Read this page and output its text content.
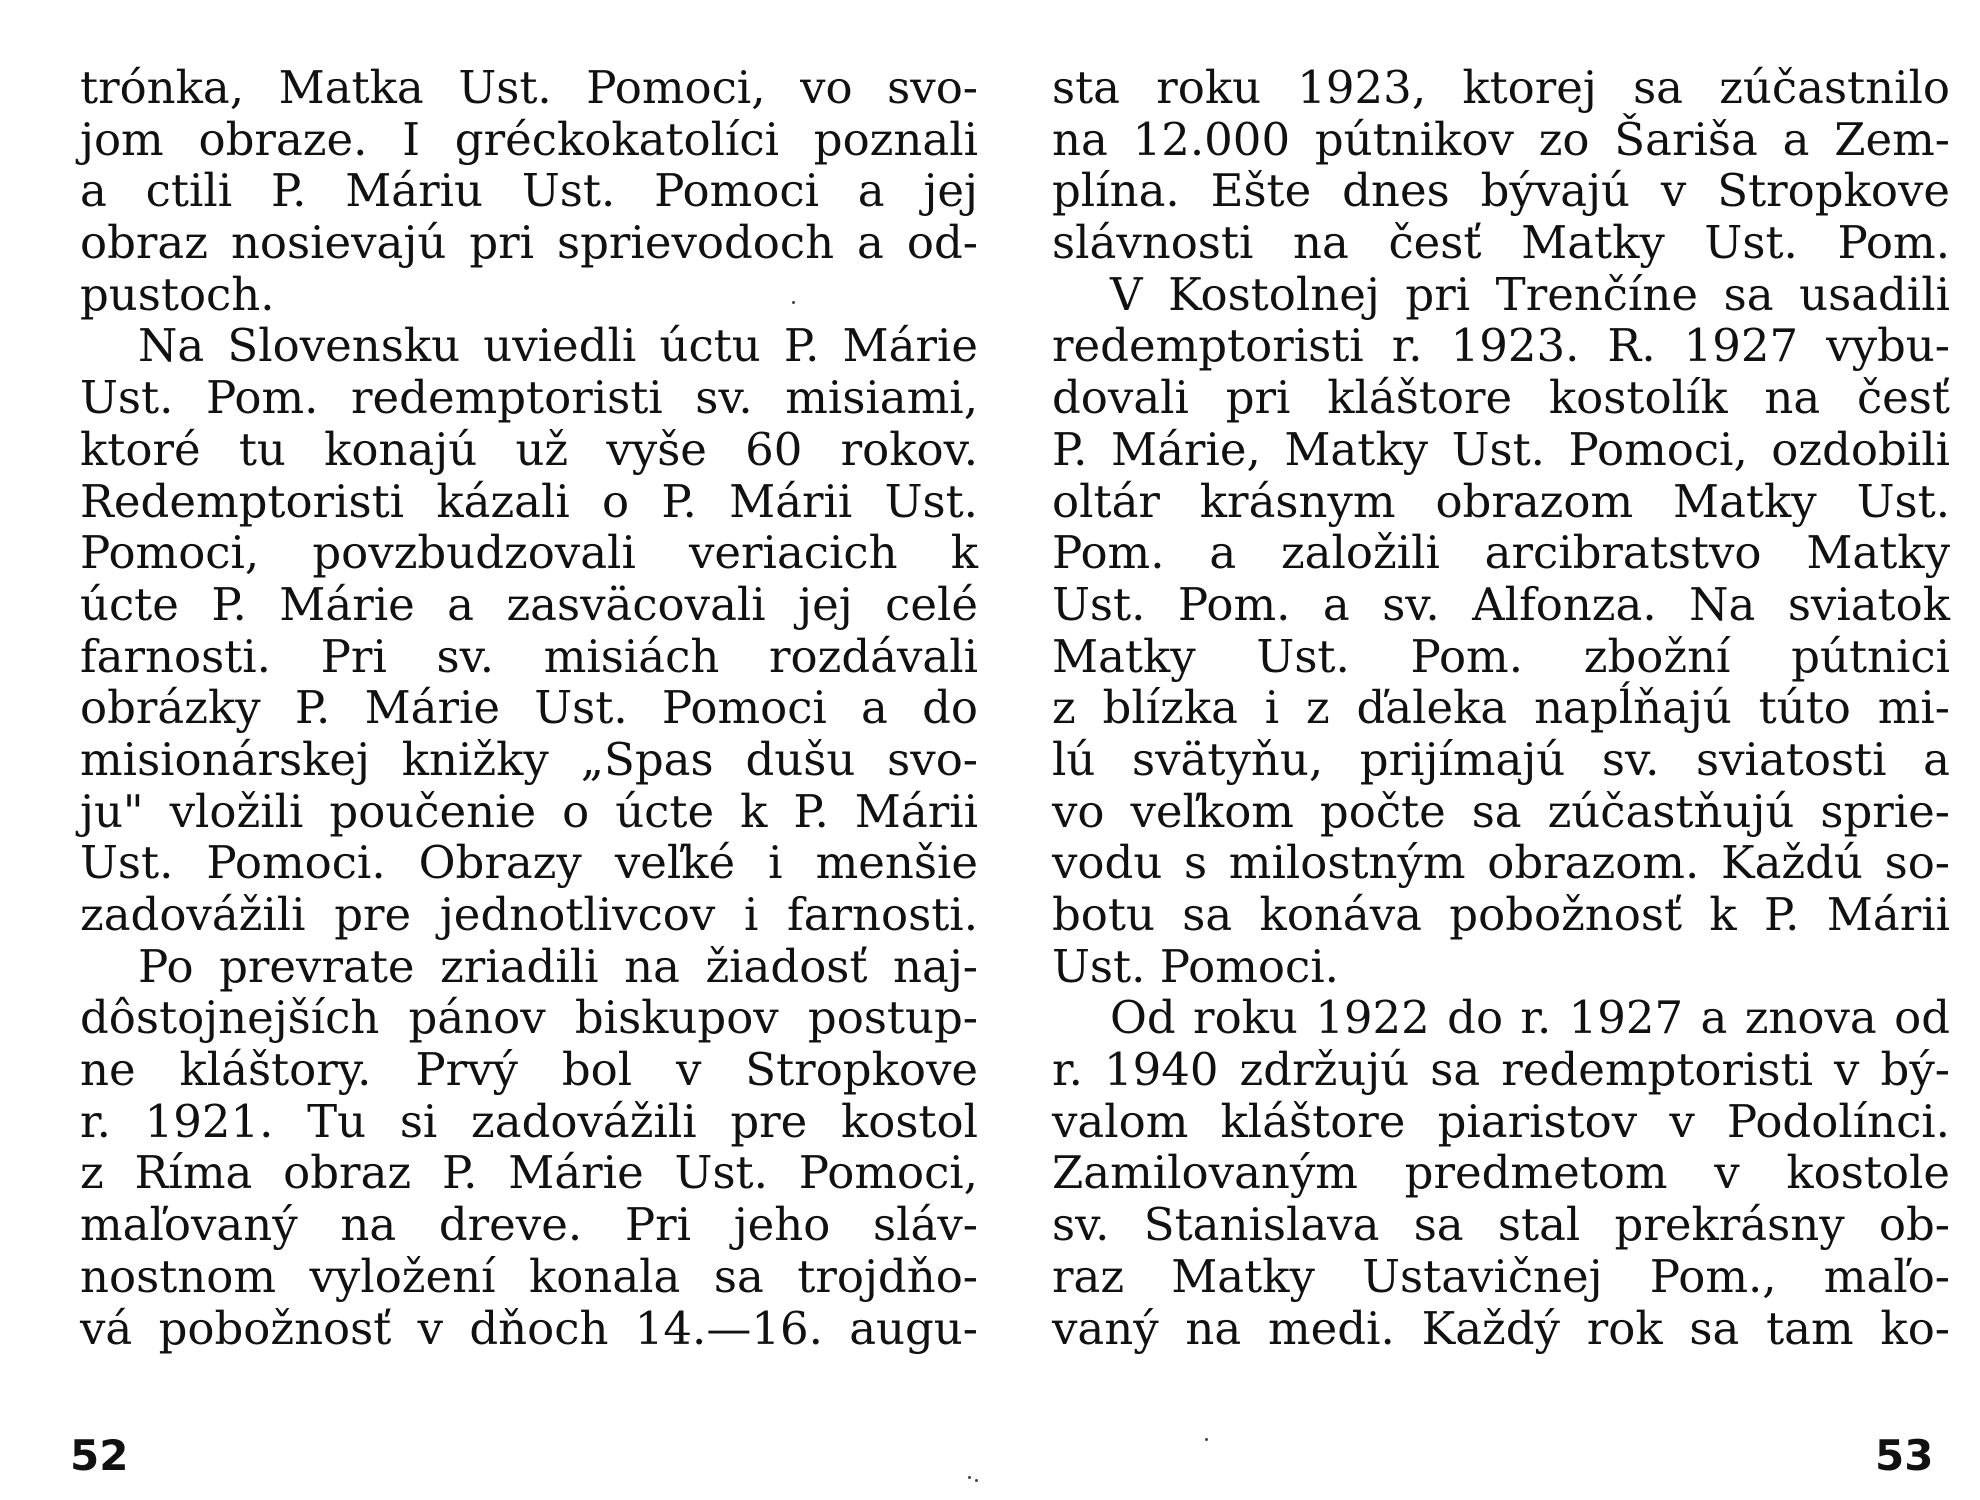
trónka, Matka Ust. Pomoci, vo svo-
jom obraze. I gréckokatolíci poznali
a ctili P. Máriu Ust. Pomoci a jej
obraz nosievajú pri sprievodoch a od-
pustoch.
Na Slovensku uviedli úctu P. Márie
Ust. Pom. redemptoristi sv. misiami,
ktoré tu konajú už vyše 60 rokov.
Redemptoristi kázali o P. Márii Ust.
Pomoci, povzbudzovali veriacich k
úcte P. Márie a zasväcovali jej celé
farnosti. Pri sv. misiách rozdávali
obrázky P. Márie Ust. Pomoci a do
misionárskej knižky „Spas dušu svo-
ju" vložili poučenie o úcte k P. Márii
Ust. Pomoci. Obrazy veľké i menšie
zadovážili pre jednotlivcov i farnosti.
Po prevrate zriadili na žiadosť naj-
dôstojnejších pánov biskupov postup-
ne kláštory. Prvý bol v Stropkove
r. 1921. Tu si zadovážili pre kostol
z Ríma obraz P. Márie Ust. Pomoci,
maľovaný na dreve. Pri jeho sláv-
nostnom vyložení konala sa trojdňo-
vá pobožnosť v dňoch 14.—16. augu-
sta roku 1923, ktorej sa zúčastnilo
na 12.000 pútnikov zo Šariša a Zem-
plína. Ešte dnes bývajú v Stropkove
slávnosti na česť Matky Ust. Pom.
V Kostolnej pri Trenčíne sa usadili
redemptoristi r. 1923. R. 1927 vybu-
dovali pri kláštore kostolík na česť
P. Márie, Matky Ust. Pomoci, ozdobili
oltár krásnym obrazom Matky Ust.
Pom. a založili arcibratstvo Matky
Ust. Pom. a sv. Alfonza. Na sviatok
Matky Ust. Pom. zbožní pútnici
z blízka i z ďaleka napĺňajú túto mi-
lú svätyňu, prijímajú sv. sviatosti a
vo veľkom počte sa zúčastňujú sprie-
vodu s milostným obrazom. Každú so-
botu sa konáva pobožnosť k P. Márii
Ust. Pomoci.
Od roku 1922 do r. 1927 a znova od
r. 1940 zdržujú sa redemptoristi v bý-
valom kláštore piaristov v Podolínci.
Zamilovaným predmetom v kostole
sv. Stanislava sa stal prekrásny ob-
raz Matky Ustavičnej Pom., maľo-
vaný na medi. Každý rok sa tam ko-
52	53
